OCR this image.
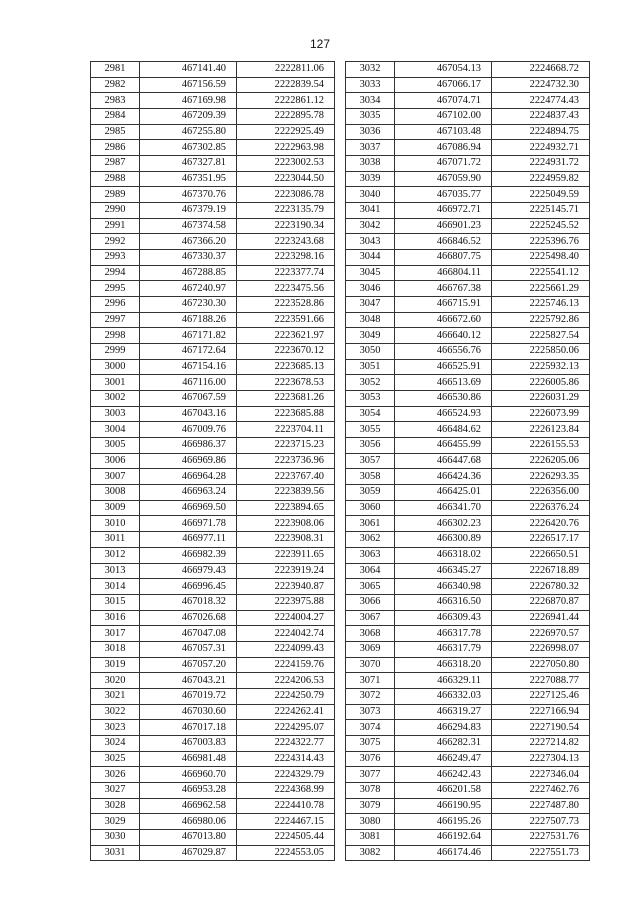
127
2981	467141.40	2222811.06
2982	467156.59	2222839.54
2983	467169.98	2222861.12
2984	467209.39	2222895.78
2985	467255.80	2222925.49
2986	467302.85	2222963.98
2987	467327.81	2223002.53
2988	467351.95	2223044.50
2989	467370.76	2223086.78
2990	467379.19	2223135.79
2991	467374.58	2223190.34
2992	467366.20	2223243.68
2993	467330.37	2223298.16
2994	467288.85	2223377.74
2995	467240.97	2223475.56
2996	467230.30	2223528.86
2997	467188.26	2223591.66
2998	467171.82	2223621.97
2999	467172.64	2223670.12
3000	467154.16	2223685.13
3001	467116.00	2223678.53
3002	467067.59	2223681.26
3003	467043.16	2223685.88
3004	467009.76	2223704.11
3005	466986.37	2223715.23
3006	466969.86	2223736.96
3007	466964.28	2223767.40
3008	466963.24	2223839.56
3009	466969.50	2223894.65
3010	466971.78	2223908.06
3011	466977.11	2223908.31
3012	466982.39	2223911.65
3013	466979.43	2223919.24
3014	466996.45	2223940.87
3015	467018.32	2223975.88
3016	467026.68	2224004.27
3017	467047.08	2224042.74
3018	467057.31	2224099.43
3019	467057.20	2224159.76
3020	467043.21	2224206.53
3021	467019.72	2224250.79
3022	467030.60	2224262.41
3023	467017.18	2224295.07
3024	467003.83	2224322.77
3025	466981.48	2224314.43
3026	466960.70	2224329.79
3027	466953.28	2224368.99
3028	466962.58	2224410.78
3029	466980.06	2224467.15
3030	467013.80	2224505.44
3031	467029.87	2224553.05
3032	467054.13	2224668.72
3033	467066.17	2224732.30
3034	467074.71	2224774.43
3035	467102.00	2224837.43
3036	467103.48	2224894.75
3037	467086.94	2224932.71
3038	467071.72	2224931.72
3039	467059.90	2224959.82
3040	467035.77	2225049.59
3041	466972.71	2225145.71
3042	466901.23	2225245.52
3043	466846.52	2225396.76
3044	466807.75	2225498.40
3045	466804.11	2225541.12
3046	466767.38	2225661.29
3047	466715.91	2225746.13
3048	466672.60	2225792.86
3049	466640.12	2225827.54
3050	466556.76	2225850.06
3051	466525.91	2225932.13
3052	466513.69	2226005.86
3053	466530.86	2226031.29
3054	466524.93	2226073.99
3055	466484.62	2226123.84
3056	466455.99	2226155.53
3057	466447.68	2226205.06
3058	466424.36	2226293.35
3059	466425.01	2226356.00
3060	466341.70	2226376.24
3061	466302.23	2226420.76
3062	466300.89	2226517.17
3063	466318.02	2226650.51
3064	466345.27	2226718.89
3065	466340.98	2226780.32
3066	466316.50	2226870.87
3067	466309.43	2226941.44
3068	466317.78	2226970.57
3069	466317.79	2226998.07
3070	466318.20	2227050.80
3071	466329.11	2227088.77
3072	466332.03	2227125.46
3073	466319.27	2227166.94
3074	466294.83	2227190.54
3075	466282.31	2227214.82
3076	466249.47	2227304.13
3077	466242.43	2227346.04
3078	466201.58	2227462.76
3079	466190.95	2227487.80
3080	466195.26	2227507.73
3081	466192.64	2227531.76
3082	466174.46	2227551.73
